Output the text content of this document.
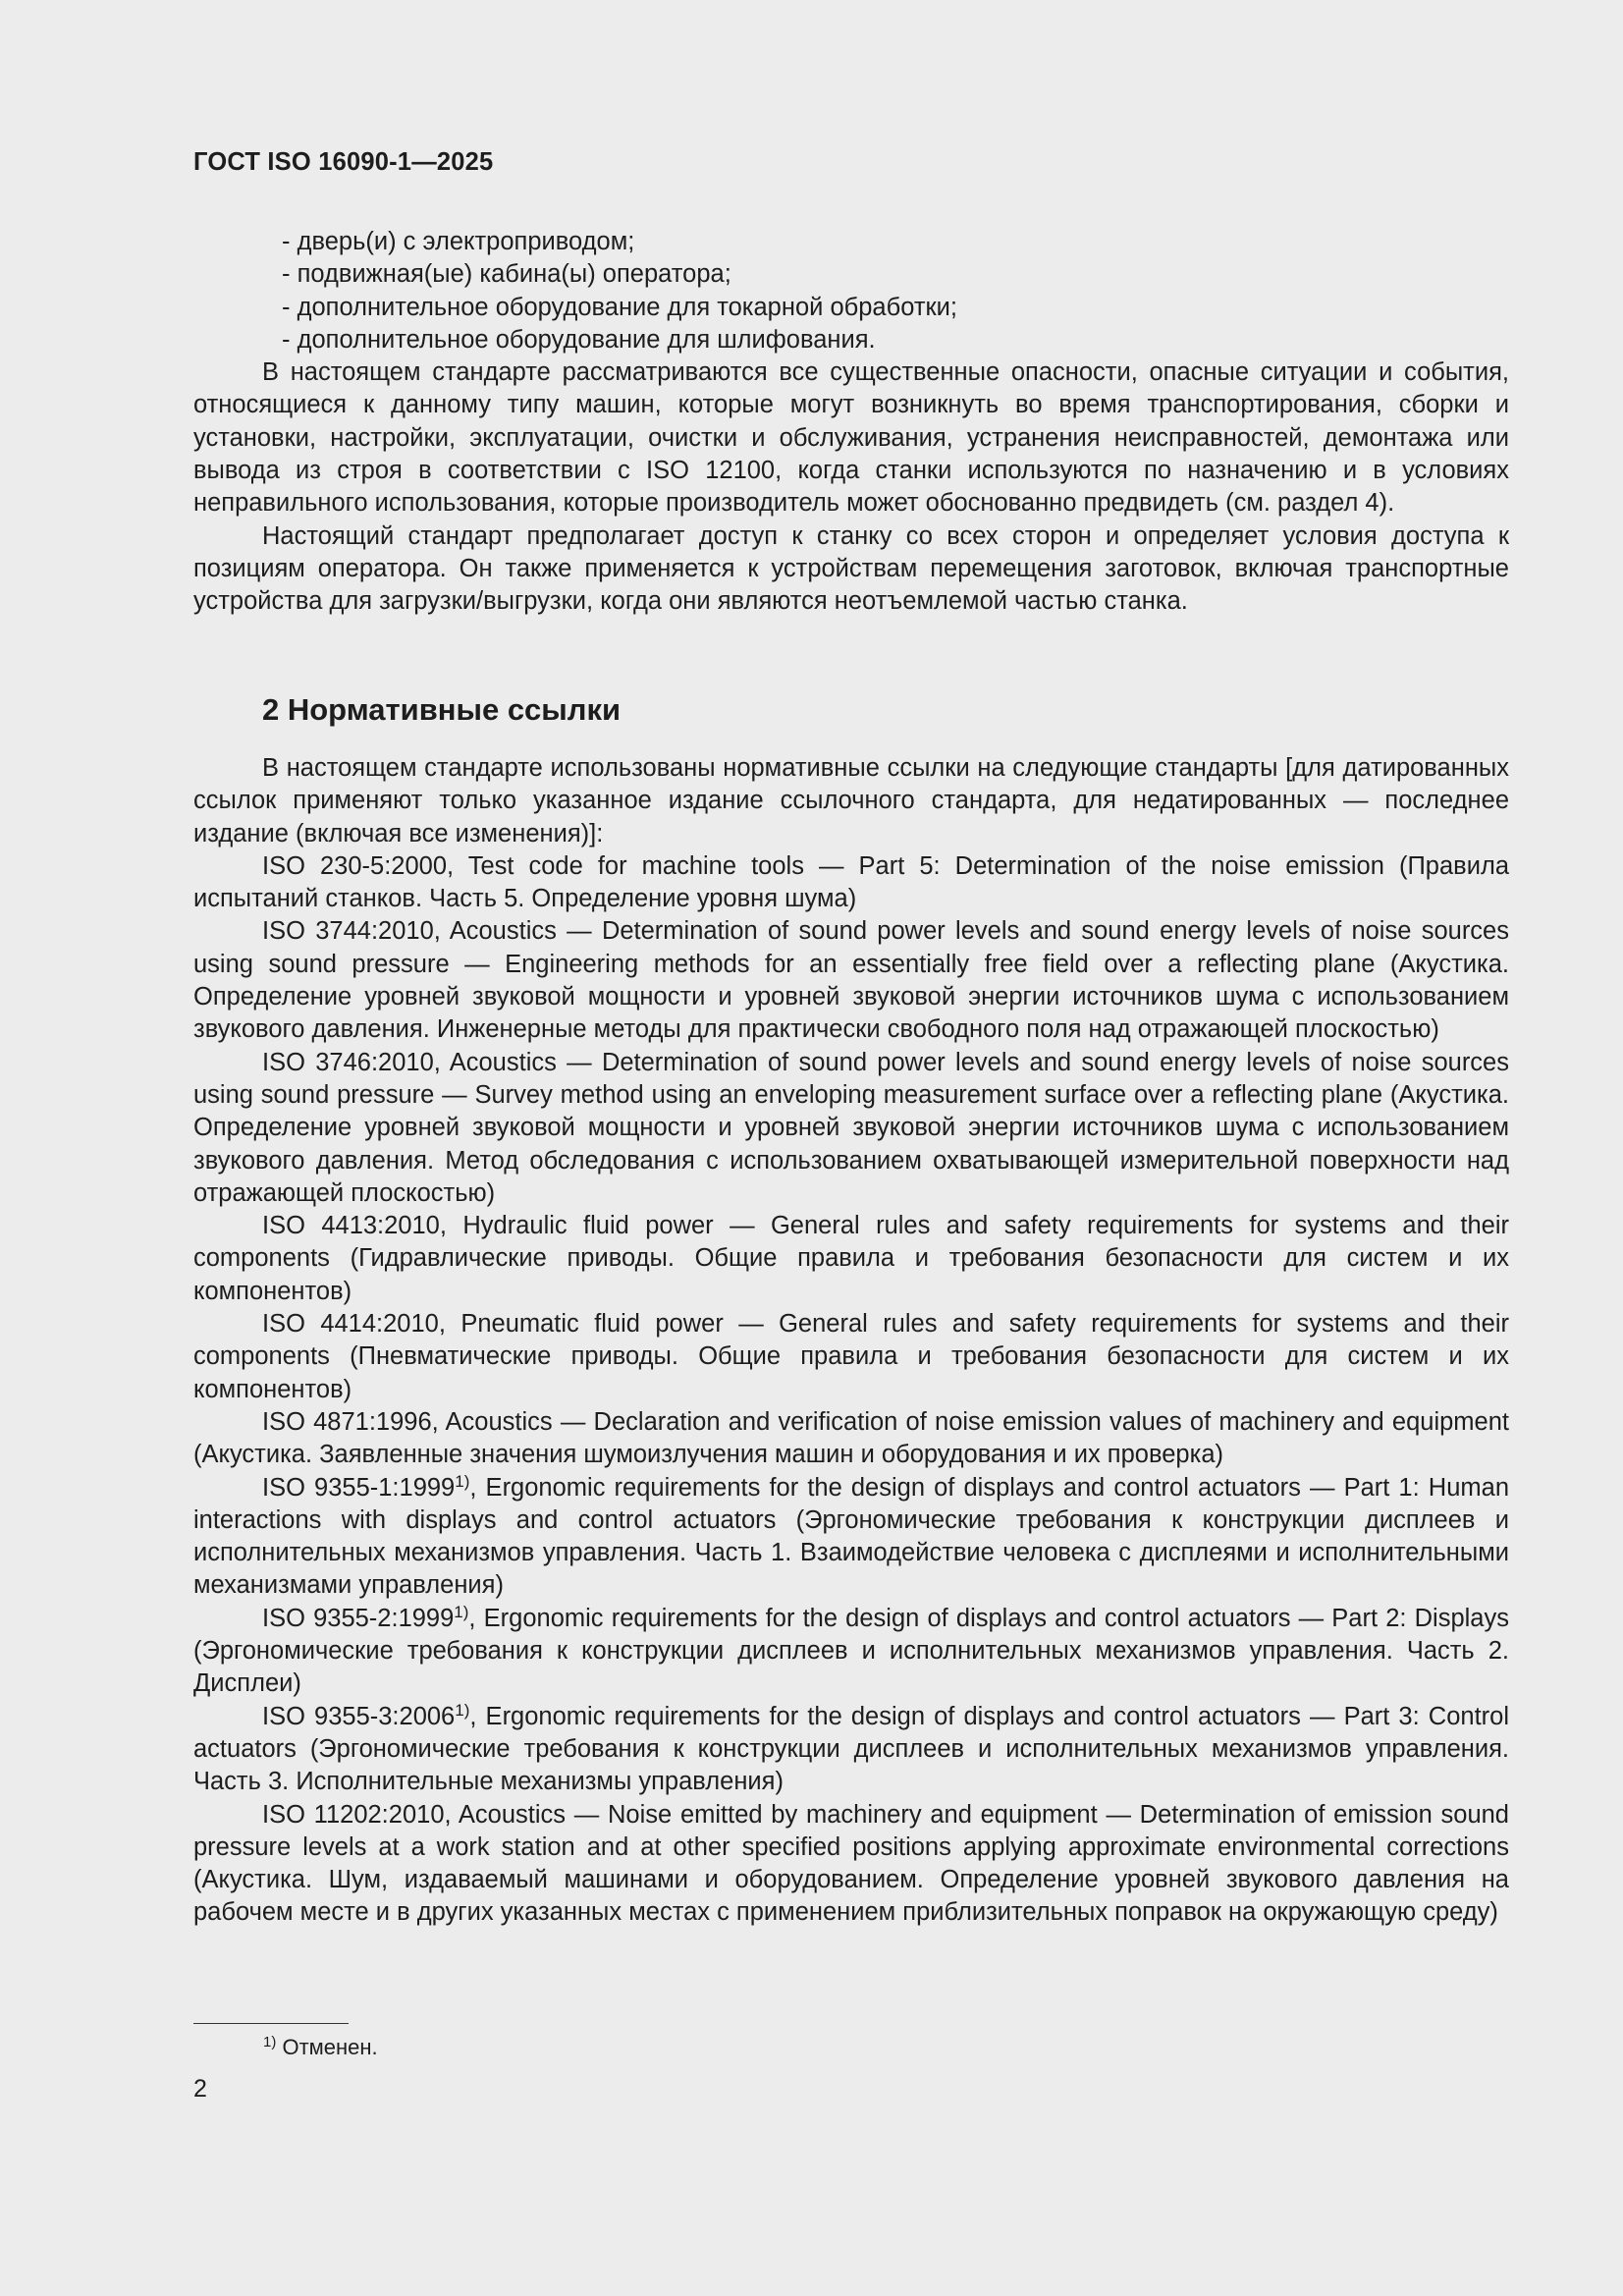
ГОСТ ISO 16090-1—2025
- дверь(и) с электроприводом;
- подвижная(ые) кабина(ы) оператора;
- дополнительное оборудование для токарной обработки;
- дополнительное оборудование для шлифования.

В настоящем стандарте рассматриваются все существенные опасности, опасные ситуации и события, относящиеся к данному типу машин, которые могут возникнуть во время транспортирования, сборки и установки, настройки, эксплуатации, очистки и обслуживания, устранения неисправностей, демонтажа или вывода из строя в соответствии с ISO 12100, когда станки используются по назначению и в условиях неправильного использования, которые производитель может обоснованно предвидеть (см. раздел 4).

Настоящий стандарт предполагает доступ к станку со всех сторон и определяет условия доступа к позициям оператора. Он также применяется к устройствам перемещения заготовок, включая транспортные устройства для загрузки/выгрузки, когда они являются неотъемлемой частью станка.

2 Нормативные ссылки

В настоящем стандарте использованы нормативные ссылки на следующие стандарты [для датированных ссылок применяют только указанное издание ссылочного стандарта, для недатированных — последнее издание (включая все изменения)]:

ISO 230-5:2000, Test code for machine tools — Part 5: Determination of the noise emission (Правила испытаний станков. Часть 5. Определение уровня шума)

ISO 3744:2010, Acoustics — Determination of sound power levels and sound energy levels of noise sources using sound pressure — Engineering methods for an essentially free field over a reflecting plane (Акустика. Определение уровней звуковой мощности и уровней звуковой энергии источников шума с использованием звукового давления. Инженерные методы для практически свободного поля над отражающей плоскостью)

ISO 3746:2010, Acoustics — Determination of sound power levels and sound energy levels of noise sources using sound pressure — Survey method using an enveloping measurement surface over a reflecting plane (Акустика. Определение уровней звуковой мощности и уровней звуковой энергии источников шума с использованием звукового давления. Метод обследования с использованием охватывающей измерительной поверхности над отражающей плоскостью)

ISO 4413:2010, Hydraulic fluid power — General rules and safety requirements for systems and their components (Гидравлические приводы. Общие правила и требования безопасности для систем и их компонентов)

ISO 4414:2010, Pneumatic fluid power — General rules and safety requirements for systems and their components (Пневматические приводы. Общие правила и требования безопасности для систем и их компонентов)

ISO 4871:1996, Acoustics — Declaration and verification of noise emission values of machinery and equipment (Акустика. Заявленные значения шумоизлучения машин и оборудования и их проверка)

ISO 9355-1:1999$^{1)}$, Ergonomic requirements for the design of displays and control actuators — Part 1: Human interactions with displays and control actuators (Эргономические требования к конструкции дисплеев и исполнительных механизмов управления. Часть 1. Взаимодействие человека с дисплеями и исполнительными механизмами управления)

ISO 9355-2:1999$^{1)}$, Ergonomic requirements for the design of displays and control actuators — Part 2: Displays (Эргономические требования к конструкции дисплеев и исполнительных механизмов управления. Часть 2. Дисплеи)

ISO 9355-3:2006$^{1)}$, Ergonomic requirements for the design of displays and control actuators — Part 3: Control actuators (Эргономические требования к конструкции дисплеев и исполнительных механизмов управления. Часть 3. Исполнительные механизмы управления)

ISO 11202:2010, Acoustics — Noise emitted by machinery and equipment — Determination of emission sound pressure levels at a work station and at other specified positions applying approximate environmental corrections (Акустика. Шум, издаваемый машинами и оборудованием. Определение уровней звукового давления на рабочем месте и в других указанных местах с применением приблизительных поправок на окружающую среду)

$^{1)}$ Отменен.
2
